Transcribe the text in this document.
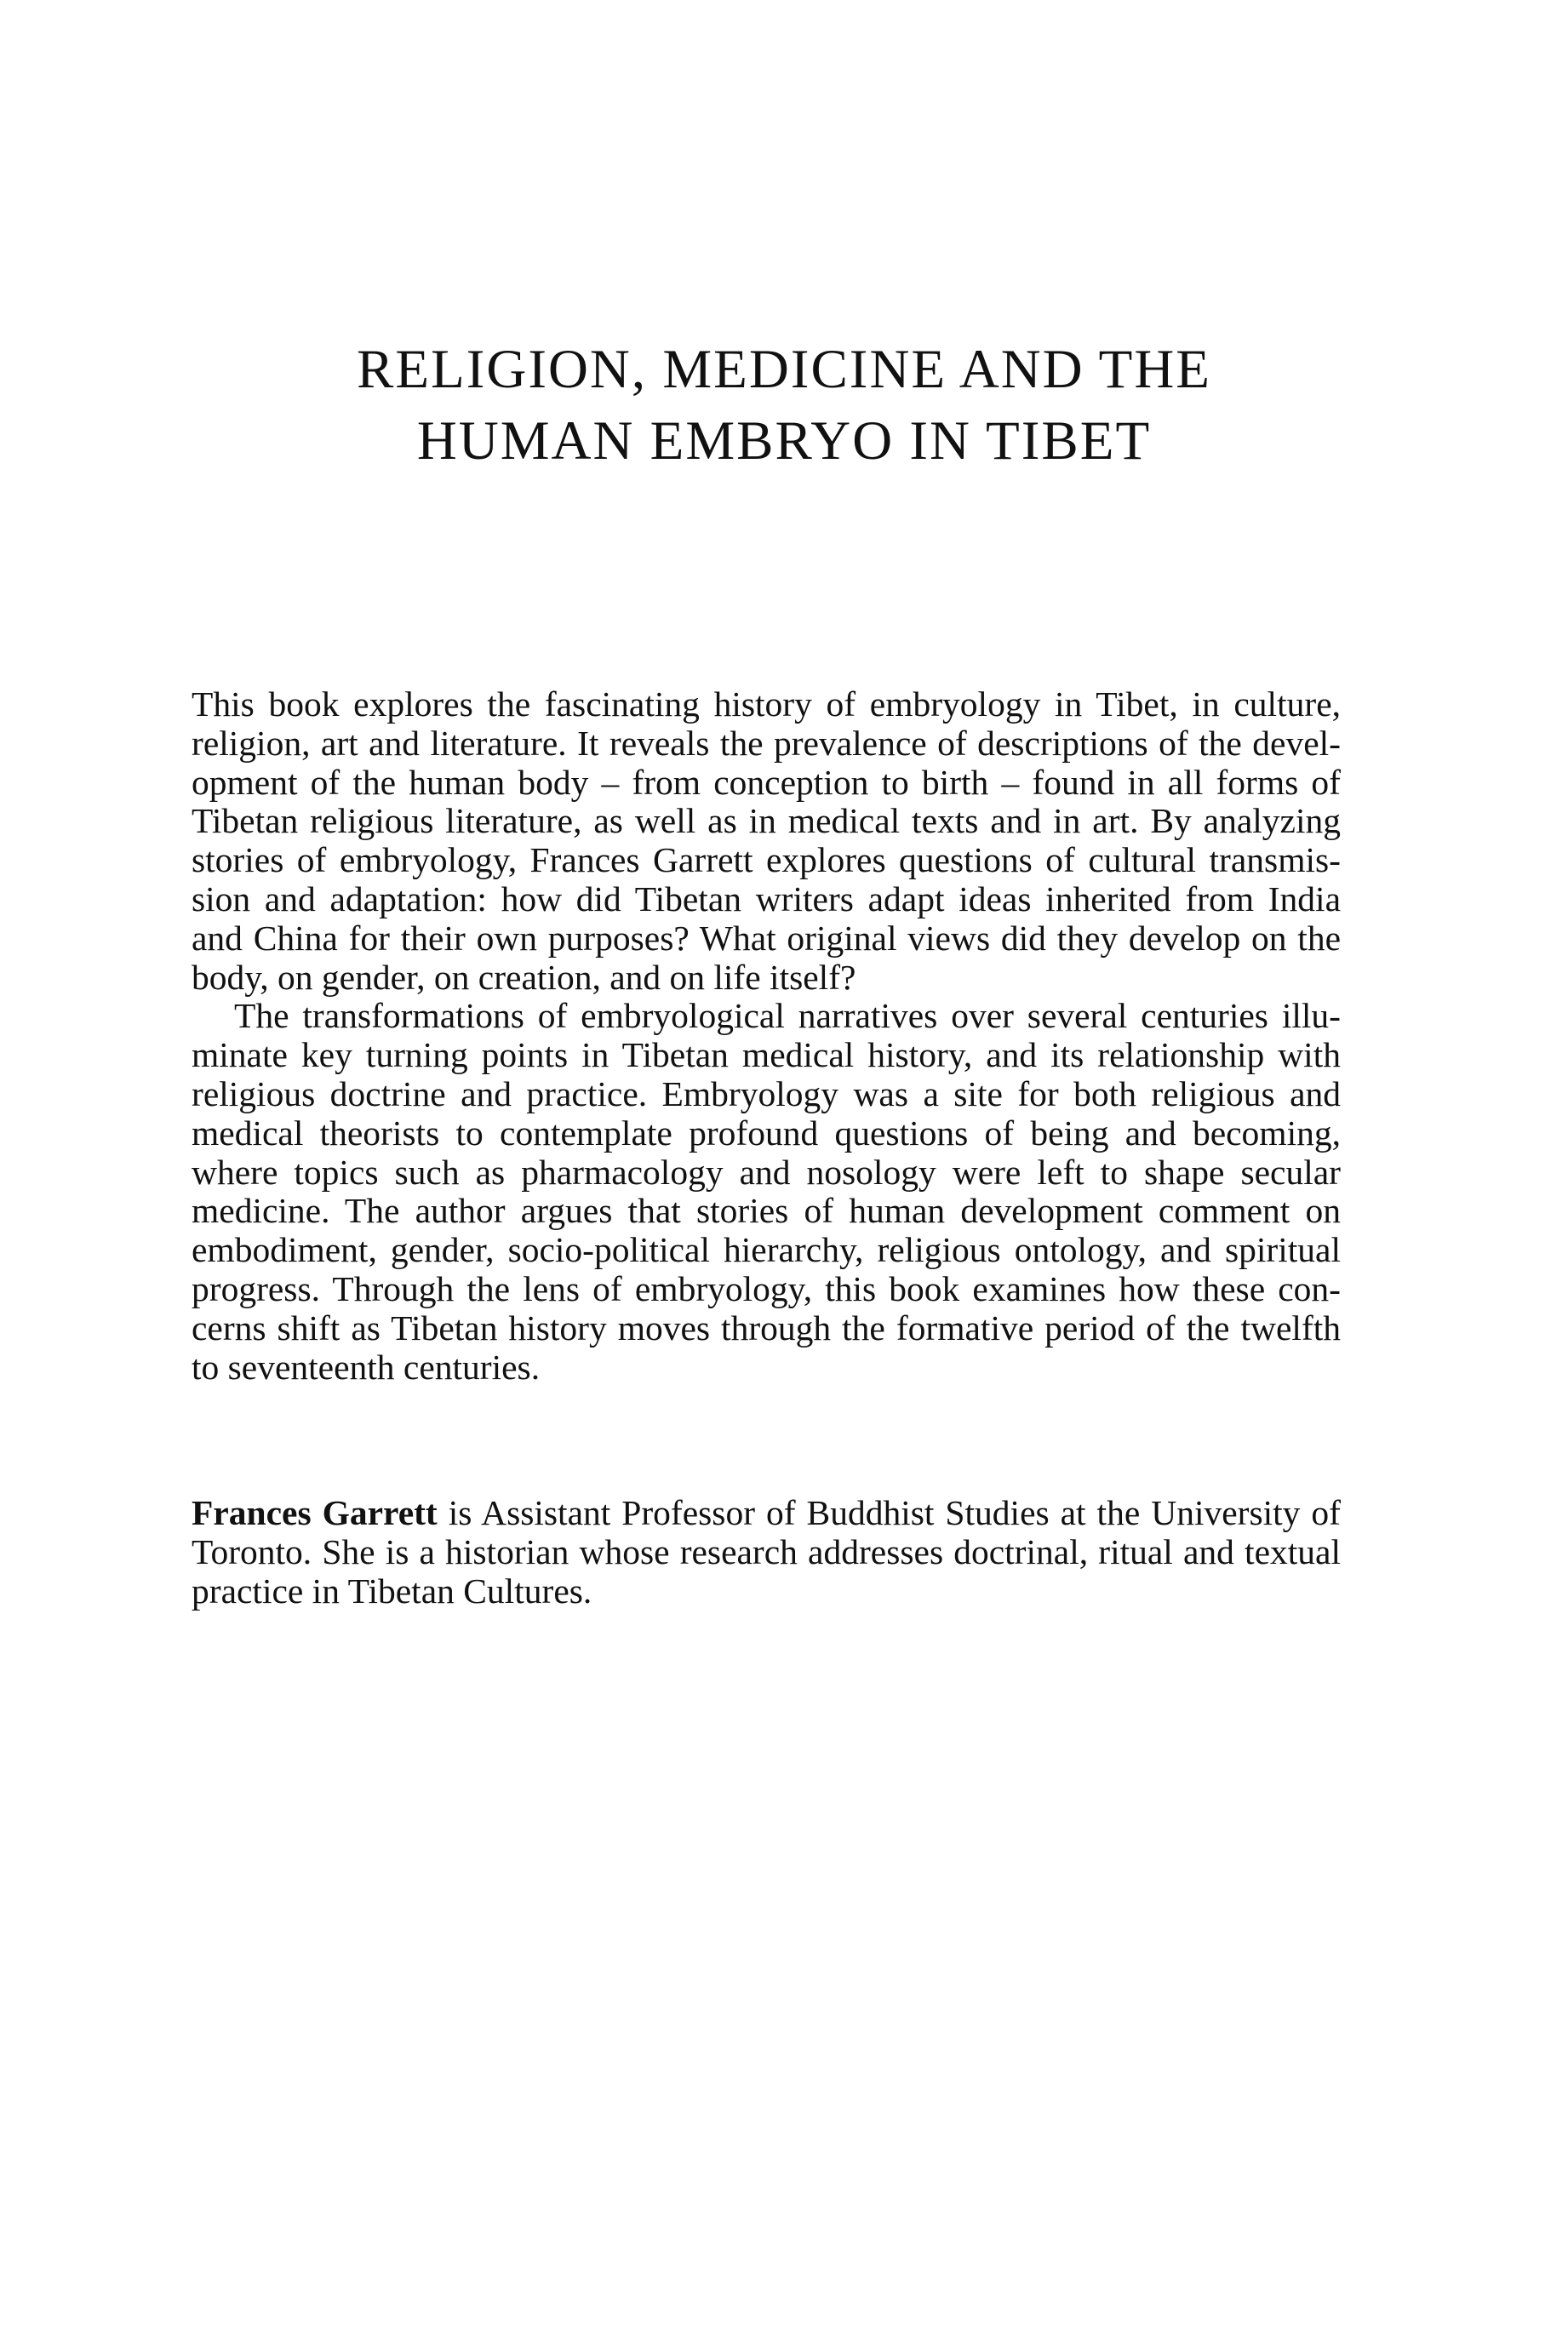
RELIGION, MEDICINE AND THE
HUMAN EMBRYO IN TIBET

This book explores the fascinating history of embryology in Tibet, in culture, religion, art and literature. It reveals the prevalence of descriptions of the development of the human body – from conception to birth – found in all forms of Tibetan religious literature, as well as in medical texts and in art. By analyzing stories of embryology, Frances Garrett explores questions of cultural transmission and adaptation: how did Tibetan writers adapt ideas inherited from India and China for their own purposes? What original views did they develop on the body, on gender, on creation, and on life itself?

The transformations of embryological narratives over several centuries illuminate key turning points in Tibetan medical history, and its relationship with religious doctrine and practice. Embryology was a site for both religious and medical theorists to contemplate profound questions of being and becoming, where topics such as pharmacology and nosology were left to shape secular medicine. The author argues that stories of human development comment on embodiment, gender, socio-political hierarchy, religious ontology, and spiritual progress. Through the lens of embryology, this book examines how these concerns shift as Tibetan history moves through the formative period of the twelfth to seventeenth centuries.

Frances Garrett is Assistant Professor of Buddhist Studies at the University of Toronto. She is a historian whose research addresses doctrinal, ritual and textual practice in Tibetan Cultures.
